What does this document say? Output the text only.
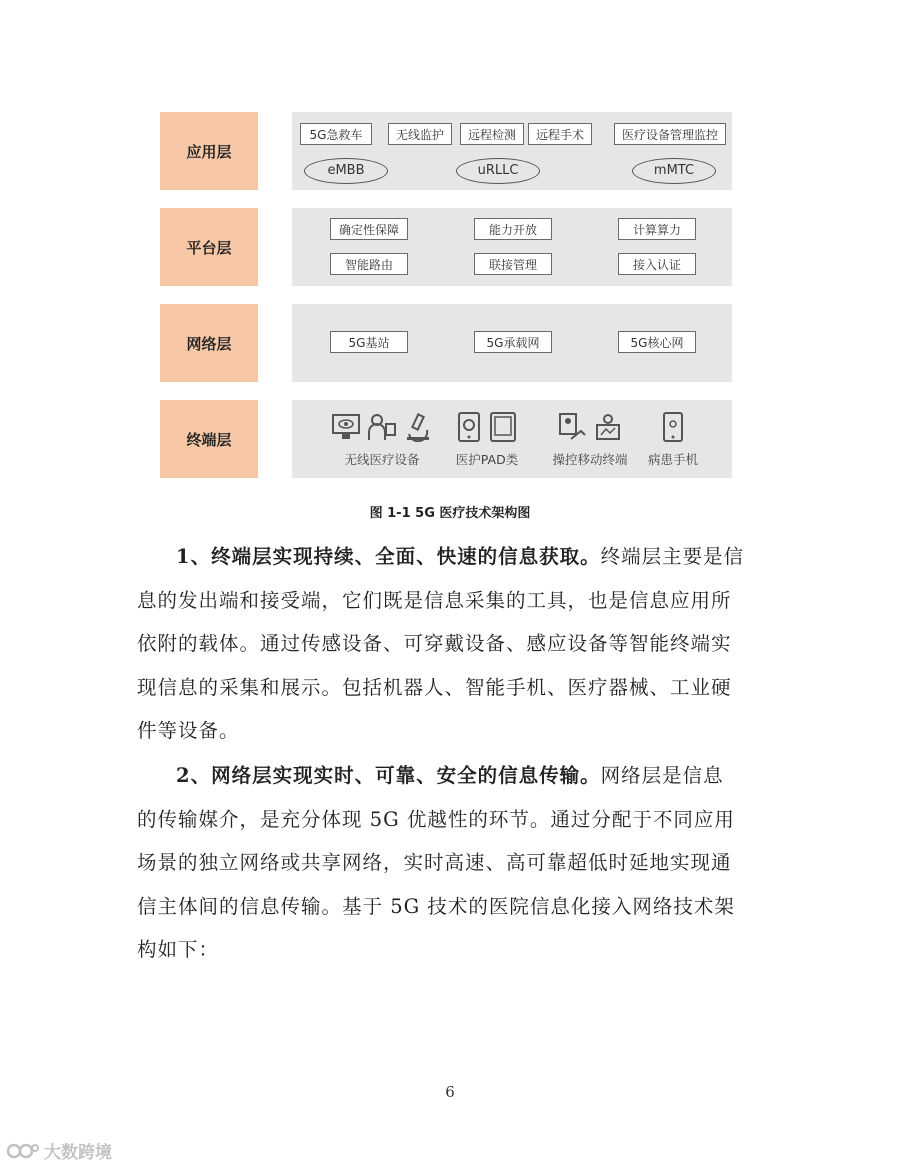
应用层
5G急救车	无线监护	远程检测	远程手术	医疗设备管理监控
eMBB	uRLLC	mMTC
平台层
确定性保障	能力开放	计算算力
智能路由	联接管理	接入认证
网络层	5G基站	5G承载网	5G核心网
终端层
无线医疗设备	医护PAD类	操控移动终端	病患手机
图 1-1 5G 医疗技术架构图

1、终端层实现持续、全面、快速的信息获取。终端层主要是信

息的发出端和接受端，它们既是信息采集的工具，也是信息应用所

依附的载体。通过传感设备、可穿戴设备、感应设备等智能终端实

现信息的采集和展示。包括机器人、智能手机、医疗器械、工业硬

件等设备。

2、网络层实现实时、可靠、安全的信息传输。网络层是信息

的传输媒介，是充分体现 5G 优越性的环节。通过分配于不同应用

场景的独立网络或共享网络，实时高速、高可靠超低时延地实现通

信主体间的信息传输。基于 5G 技术的医院信息化接入网络技术架

构如下：

6
大数跨境
